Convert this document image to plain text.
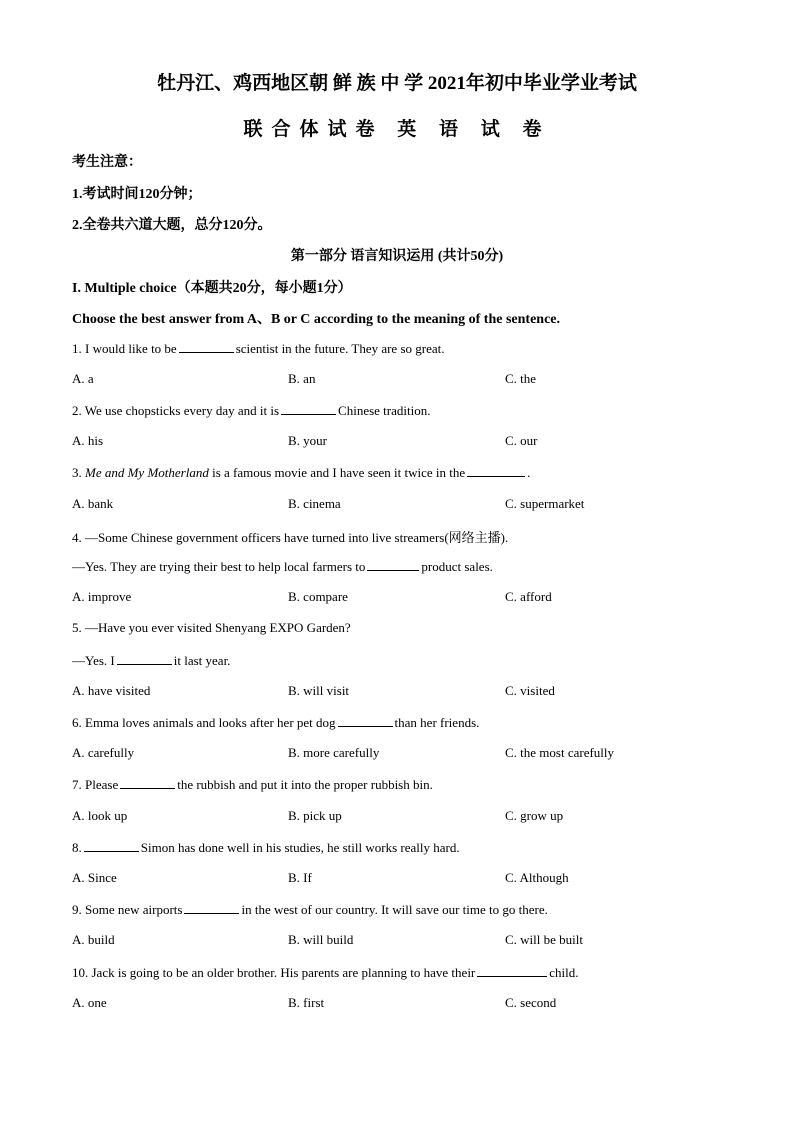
牡丹江、鸡西地区朝 鲜 族 中 学 2021年初中毕业学业考试
联合体试卷 英 语 试 卷
考生注意：
1.考试时间120分钟；
2.全卷共六道大题，总分120分。
第一部分 语言知识运用 (共计50分)
I. Multiple choice（本题共20分，每小题1分）
Choose the best answer from A、B or C according to the meaning of the sentence.
1. I would like to be	scientist in the future. They are so great.
A. a	B. an	C. the
2. We use chopsticks every day and it is	Chinese tradition.
A. his	B. your	C. our
3. Me and My Motherland is a famous movie and I have seen it twice in the	.
A. bank	B. cinema	C. supermarket
4. —Some Chinese government officers have turned into live streamers(网络主播).
—Yes. They are trying their best to help local farmers to	product sales.
A. improve	B. compare	C. afford
5. —Have you ever visited Shenyang EXPO Garden?
—Yes. I	it last year.
A. have visited	B. will visit	C. visited
6. Emma loves animals and looks after her pet dog	than her friends.
A. carefully	B. more carefully	C. the most carefully
7. Please	the rubbish and put it into the proper rubbish bin.
A. look up	B. pick up	C. grow up
8.	Simon has done well in his studies, he still works really hard.
A. Since	B. If	C. Although
9. Some new airports	in the west of our country. It will save our time to go there.
A. build	B. will build	C. will be built
10. Jack is going to be an older brother. His parents are planning to have their	child.
A. one	B. first	C. second
